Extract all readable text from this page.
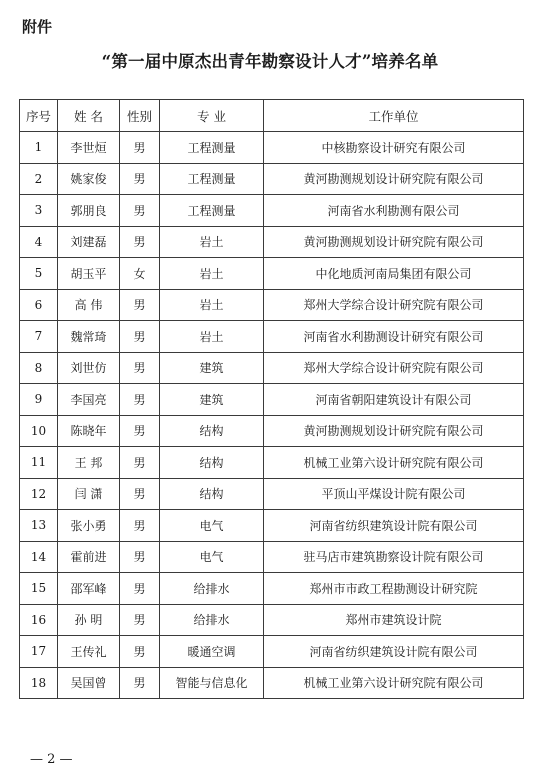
附件
“第一届中原杰出青年勘察设计人才”培养名单
序号	姓 名	性别	专 业	工作单位
1	李世烜	男	工程测量	中核勘察设计研究有限公司
2	姚家俊	男	工程测量	黄河勘测规划设计研究院有限公司
3	郭朋良	男	工程测量	河南省水利勘测有限公司
4	刘建磊	男	岩土	黄河勘测规划设计研究院有限公司
5	胡玉平	女	岩土	中化地质河南局集团有限公司
6	高 伟	男	岩土	郑州大学综合设计研究院有限公司
7	魏常琦	男	岩土	河南省水利勘测设计研究有限公司
8	刘世仿	男	建筑	郑州大学综合设计研究院有限公司
9	李国亮	男	建筑	河南省朝阳建筑设计有限公司
10	陈晓年	男	结构	黄河勘测规划设计研究院有限公司
11	王 邦	男	结构	机械工业第六设计研究院有限公司
12	闫 潇	男	结构	平顶山平煤设计院有限公司
13	张小勇	男	电气	河南省纺织建筑设计院有限公司
14	霍前进	男	电气	驻马店市建筑勘察设计院有限公司
15	邵军峰	男	给排水	郑州市市政工程勘测设计研究院
16	孙 明	男	给排水	郑州市建筑设计院
17	王传礼	男	暖通空调	河南省纺织建筑设计院有限公司
18	吴国曾	男	智能与信息化	机械工业第六设计研究院有限公司
— 2 —
